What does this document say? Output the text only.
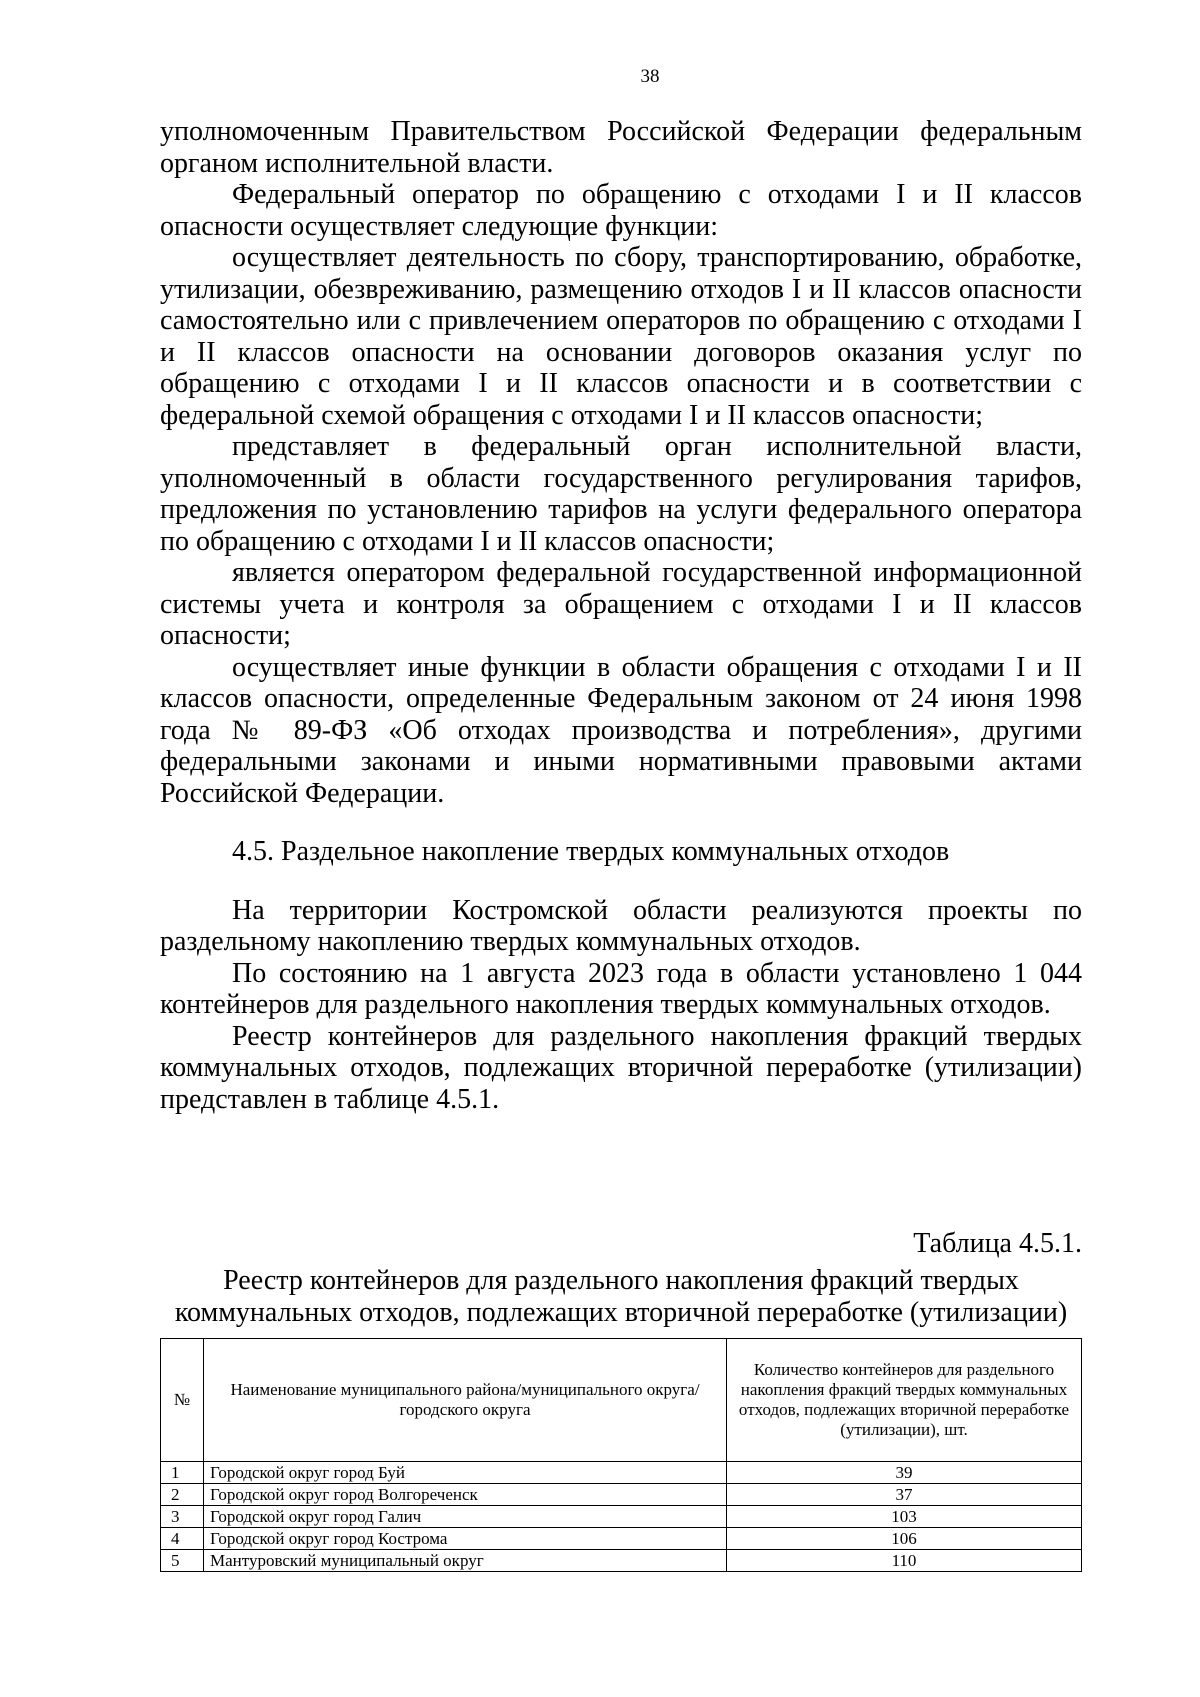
38

уполномоченным Правительством Российской Федерации федеральным органом исполнительной власти.

Федеральный оператор по обращению с отходами I и II классов опасности осуществляет следующие функции:

осуществляет деятельность по сбору, транспортированию, обработке, утилизации, обезвреживанию, размещению отходов I и II классов опасности самостоятельно или с привлечением операторов по обращению с отходами I и II классов опасности на основании договоров оказания услуг по обращению с отходами I и II классов опасности и в соответствии с федеральной схемой обращения с отходами I и II классов опасности;

представляет в федеральный орган исполнительной власти, уполномоченный в области государственного регулирования тарифов, предложения по установлению тарифов на услуги федерального оператора по обращению с отходами I и II классов опасности;

является оператором федеральной государственной информационной системы учета и контроля за обращением с отходами I и II классов опасности;

осуществляет иные функции в области обращения с отходами I и II классов опасности, определенные Федеральным законом от 24 июня 1998 года № 89-ФЗ «Об отходах производства и потребления», другими федеральными законами и иными нормативными правовыми актами Российской Федерации.

4.5. Раздельное накопление твердых коммунальных отходов

На территории Костромской области реализуются проекты по раздельному накоплению твердых коммунальных отходов.

По состоянию на 1 августа 2023 года в области установлено 1 044 контейнеров для раздельного накопления твердых коммунальных отходов.

Реестр контейнеров для раздельного накопления фракций твердых коммунальных отходов, подлежащих вторичной переработке (утилизации) представлен в таблице 4.5.1.

Таблица 4.5.1.
Реестр контейнеров для раздельного накопления фракций твердых коммунальных отходов, подлежащих вторичной переработке (утилизации)
№	Наименование муниципального района/муниципального округа/городского округа	Количество контейнеров для раздельного накопления фракций твердых коммунальных отходов, подлежащих вторичной переработке (утилизации), шт.
1	Городской округ город Буй	39
2	Городской округ город Волгореченск	37
3	Городской округ город Галич	103
4	Городской округ город Кострома	106
5	Мантуровский муниципальный округ	110
